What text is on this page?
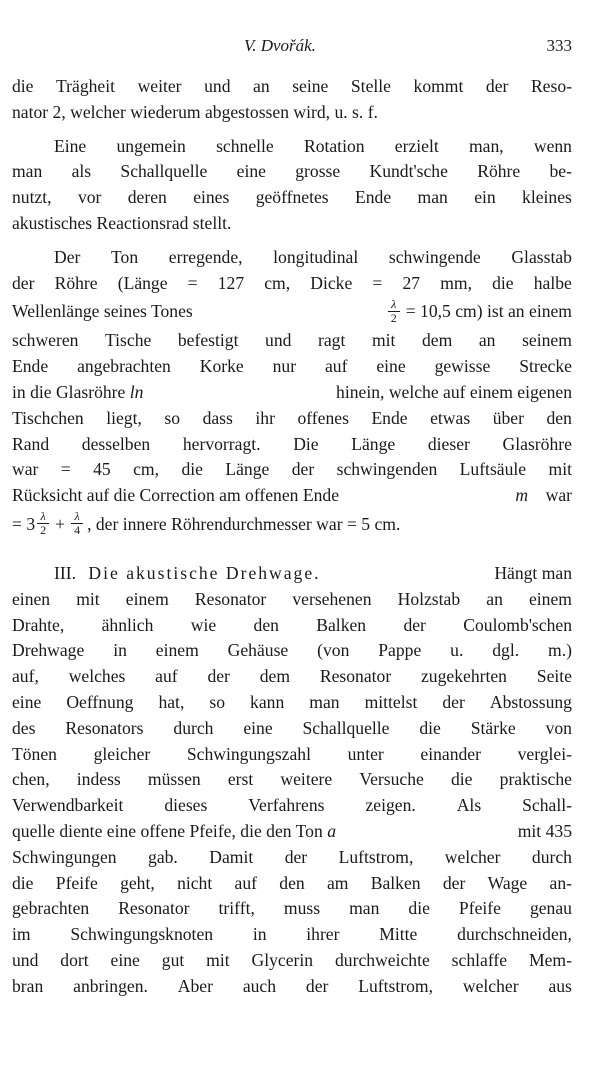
V. Dvořák.	333
die Trägheit weiter und an seine Stelle kommt der Reso-
nator 2, welcher wiederum abgestossen wird, u. s. f.
Eine ungemein schnelle Rotation erzielt man, wenn
man als Schallquelle eine grosse Kundt'sche Röhre be-
nutzt, vor deren eines geöffnetes Ende man ein kleines
akustisches Reactionsrad stellt.
Der Ton erregende, longitudinal schwingende Glasstab
der Röhre (Länge = 127 cm, Dicke = 27 mm, die halbe
Wellenlänge seines Tones	$\frac{\lambda}{2} = 10,5$ cm) ist an einem
schweren Tische befestigt und ragt mit dem an seinem
Ende angebrachten Korke nur auf eine gewisse Strecke
in die Glasröhre ln	hinein, welche auf einem eigenen
Tischchen liegt, so dass ihr offenes Ende etwas über den
Rand desselben hervorragt. Die Länge dieser Glasröhre
war = 45 cm, die Länge der schwingenden Luftsäule mit
Rücksicht auf die Correction am offenen Ende	m war
= $3 \frac{\lambda}{2} + \frac{\lambda}{4}$ , der innere Röhrendurchmesser war = 5 cm.
III. Die akustische Drehwage.	Hängt man
einen mit einem Resonator versehenen Holzstab an einem
Drahte, ähnlich wie den Balken der Coulomb'schen
Drehwage in einem Gehäuse (von Pappe u. dgl. m.)
auf, welches auf der dem Resonator zugekehrten Seite
eine Oeffnung hat, so kann man mittelst der Abstossung
des Resonators durch eine Schallquelle die Stärke von
Tönen gleicher Schwingungszahl unter einander verglei-
chen, indess müssen erst weitere Versuche die praktische
Verwendbarkeit dieses Verfahrens zeigen. Als Schall-
quelle diente eine offene Pfeife, die den Ton a	mit 435
Schwingungen gab. Damit der Luftstrom, welcher durch
die Pfeife geht, nicht auf den am Balken der Wage an-
gebrachten Resonator trifft, muss man die Pfeife genau
im Schwingungsknoten in ihrer Mitte durchschneiden,
und dort eine gut mit Glycerin durchweichte schlaffe Mem-
bran anbringen. Aber auch der Luftstrom, welcher aus
